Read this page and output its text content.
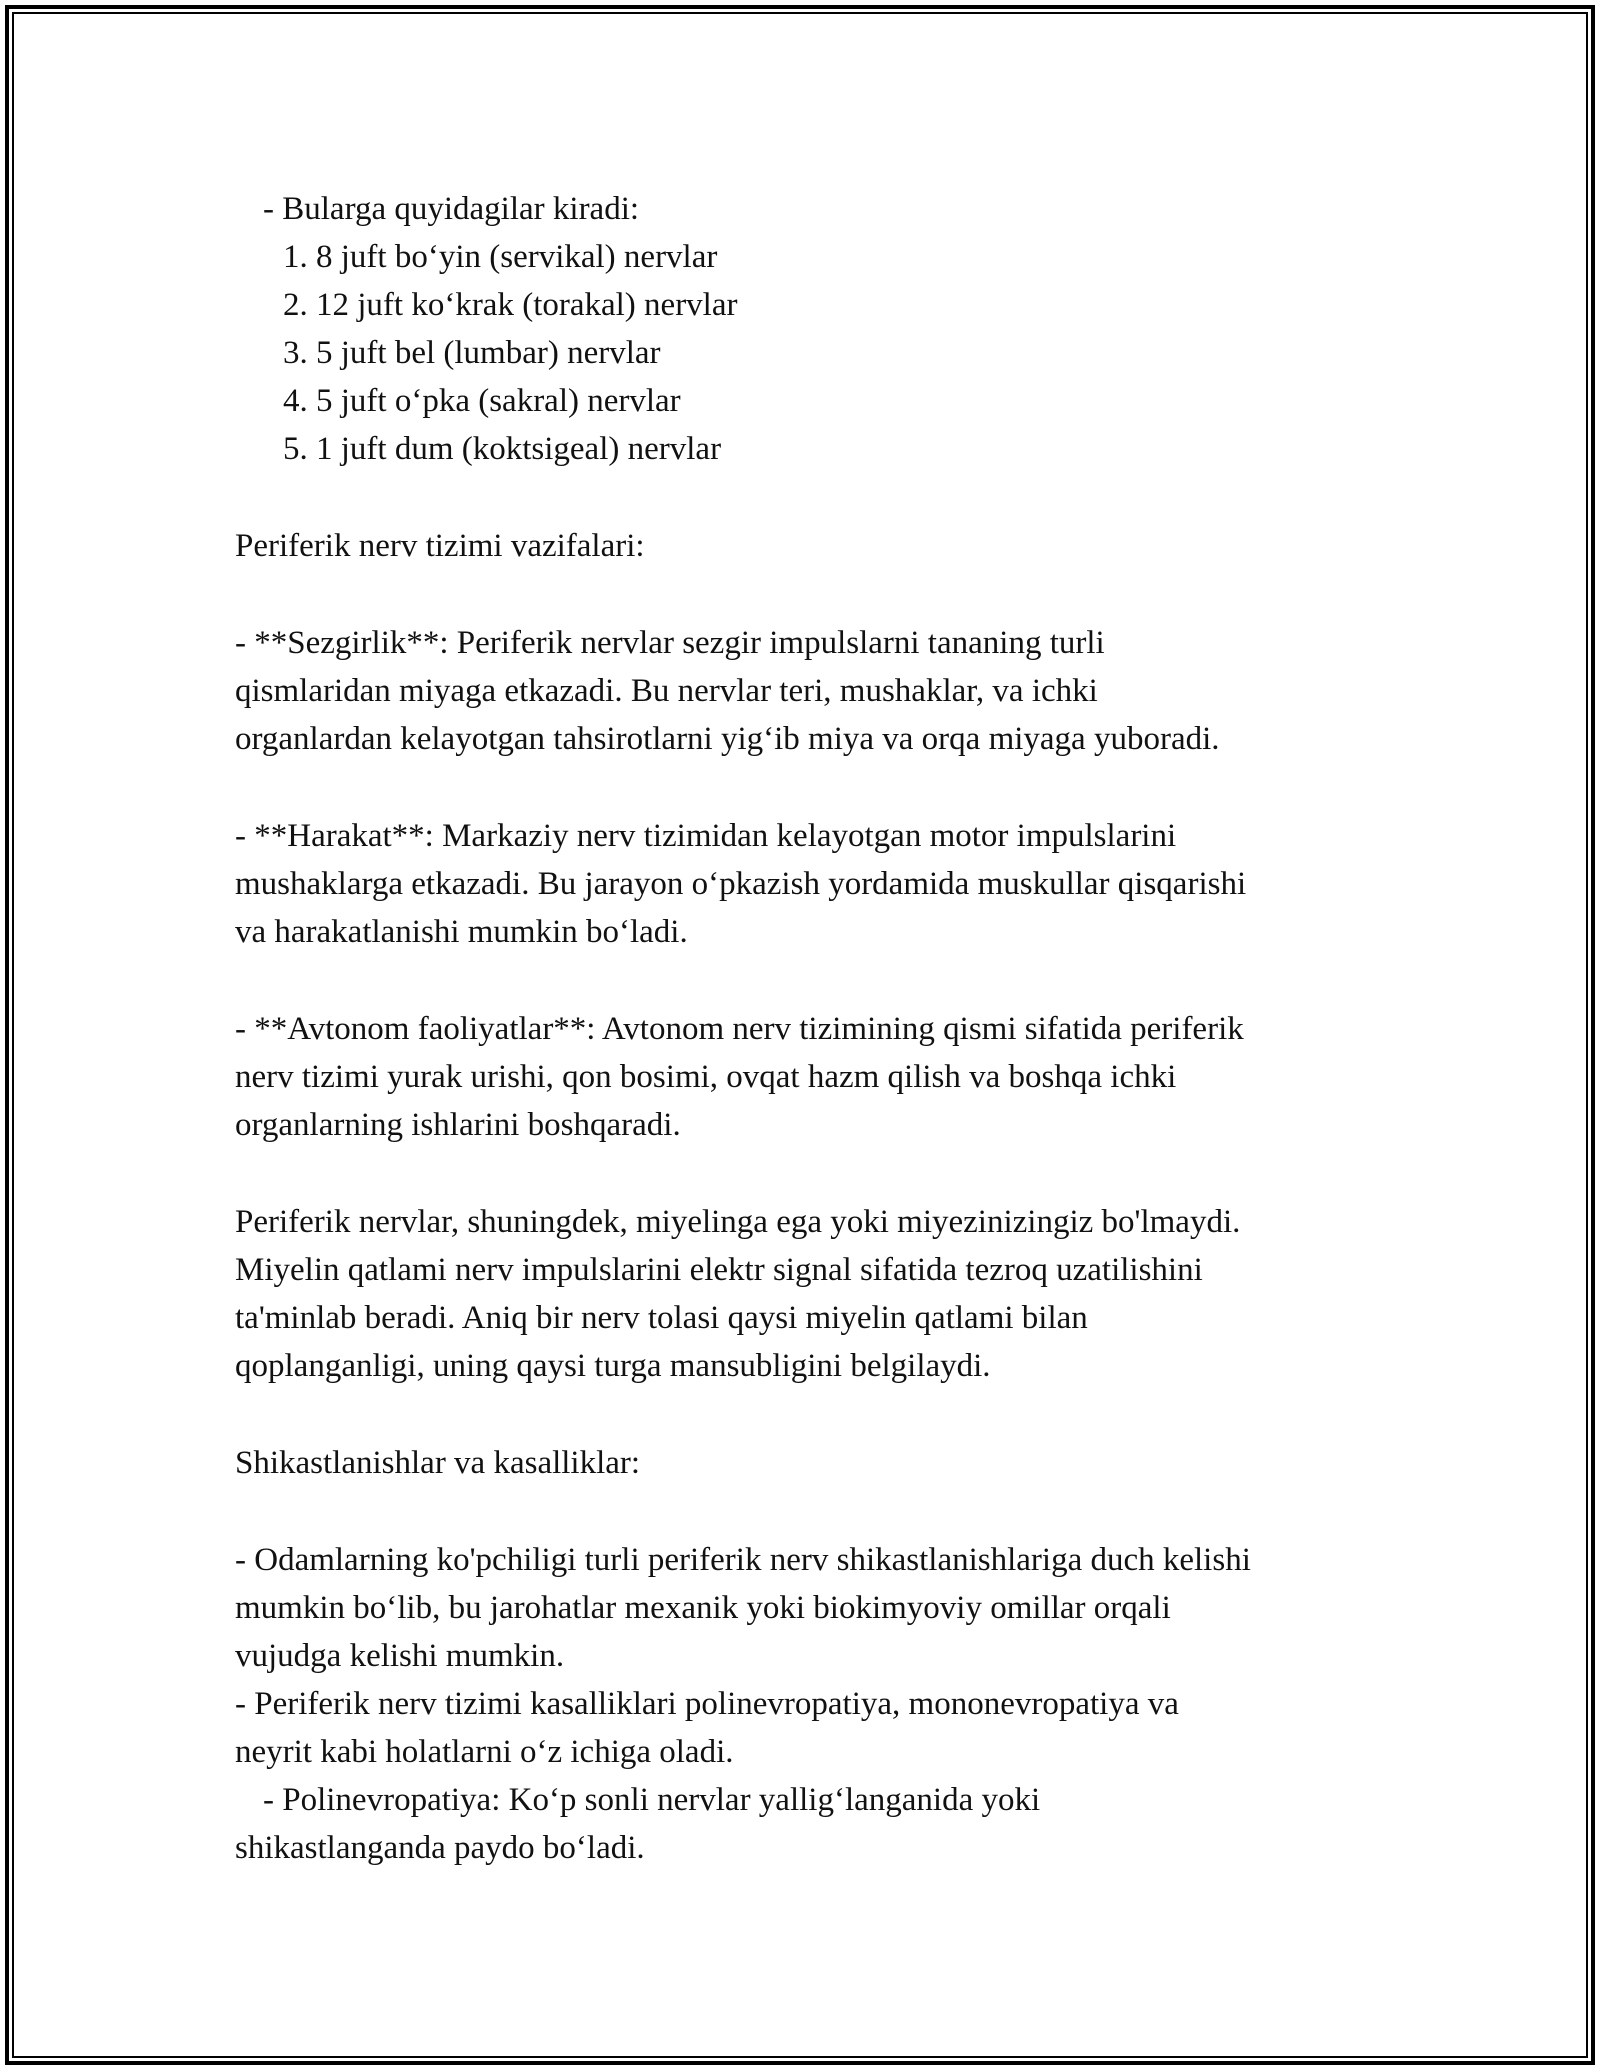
- Bularga quyidagilar kiradi:
1. 8 juft bo‘yin (servikal) nervlar
2. 12 juft ko‘krak (torakal) nervlar
3. 5 juft bel (lumbar) nervlar
4. 5 juft o‘pka (sakral) nervlar
5. 1 juft dum (koktsigeal) nervlar
Periferik nerv tizimi vazifalari:
- **Sezgirlik**: Periferik nervlar sezgir impulslarni tananing turli
qismlaridan miyaga etkazadi. Bu nervlar teri, mushaklar, va ichki
organlardan kelayotgan tahsirotlarni yig‘ib miya va orqa miyaga yuboradi.
- **Harakat**: Markaziy nerv tizimidan kelayotgan motor impulslarini
mushaklarga etkazadi. Bu jarayon o‘pkazish yordamida muskullar qisqarishi
va harakatlanishi mumkin bo‘ladi.
- **Avtonom faoliyatlar**: Avtonom nerv tizimining qismi sifatida periferik
nerv tizimi yurak urishi, qon bosimi, ovqat hazm qilish va boshqa ichki
organlarning ishlarini boshqaradi.
Periferik nervlar, shuningdek, miyelinga ega yoki miyezinizingiz bo'lmaydi.
Miyelin qatlami nerv impulslarini elektr signal sifatida tezroq uzatilishini
ta'minlab beradi. Aniq bir nerv tolasi qaysi miyelin qatlami bilan
qoplanganligi, uning qaysi turga mansubligini belgilaydi.
Shikastlanishlar va kasalliklar:
- Odamlarning ko'pchiligi turli periferik nerv shikastlanishlariga duch kelishi
mumkin bo‘lib, bu jarohatlar mexanik yoki biokimyoviy omillar orqali
vujudga kelishi mumkin.
- Periferik nerv tizimi kasalliklari polinevropatiya, mononevropatiya va
neyrit kabi holatlarni o‘z ichiga oladi.
- Polinevropatiya: Ko‘p sonli nervlar yallig‘langanida yoki
shikastlanganda paydo bo‘ladi.
